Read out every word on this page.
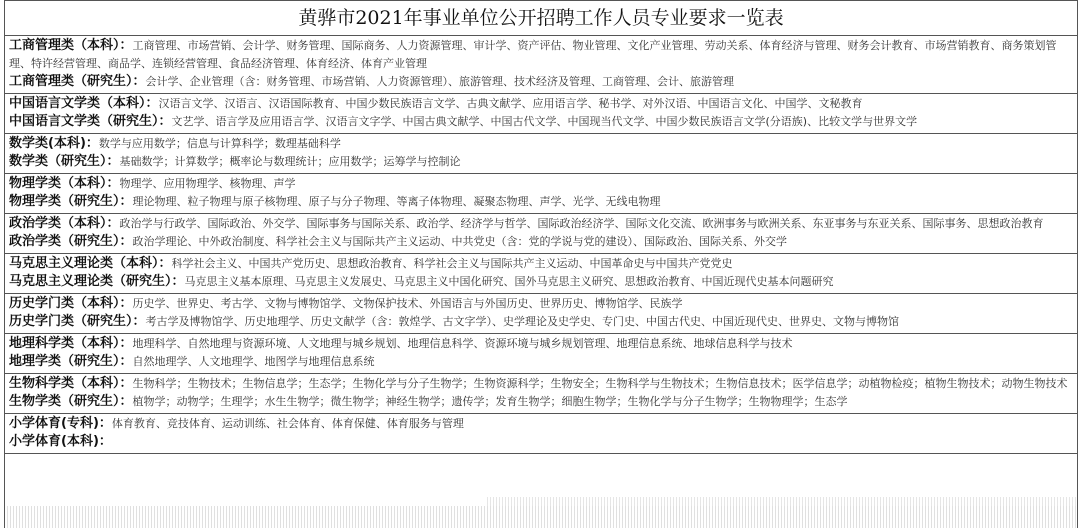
黄骅市2021年事业单位公开招聘工作人员专业要求一览表
工商管理类（本科）：工商管理、市场营销、会计学、财务管理、国际商务、人力资源管理、审计学、资产评估、物业管理、文化产业管理、劳动关系、体育经济与管理、财务会计教育、市场营销教育、商务策划管理、特许经营管理、商品学、连锁经营管理、食品经济管理、体育经济、体育产业管理
工商管理类（研究生）：会计学、企业管理（含：财务管理、市场营销、人力资源管理）、旅游管理、技术经济及管理、工商管理、会计、旅游管理
中国语言文学类（本科）：汉语言文学、汉语言、汉语国际教育、中国少数民族语言文学、古典文献学、应用语言学、秘书学、对外汉语、中国语言文化、中国学、文秘教育
中国语言文学类（研究生）：文艺学、语言学及应用语言学、汉语言文字学、中国古典文献学、中国古代文学、中国现当代文学、中国少数民族语言文学(分语族)、比较文学与世界文学
数学类(本科)：数学与应用数学；信息与计算科学；数理基础科学
数学类（研究生）：基础数学；计算数学；概率论与数理统计；应用数学；运筹学与控制论
物理学类（本科）：物理学、应用物理学、核物理、声学
物理学类（研究生）：理论物理、粒子物理与原子核物理、原子与分子物理、等离子体物理、凝聚态物理、声学、光学、无线电物理
政治学类（本科）：政治学与行政学、国际政治、外交学、国际事务与国际关系、政治学、经济学与哲学、国际政治经济学、国际文化交流、欧洲事务与欧洲关系、东亚事务与东亚关系、国际事务、思想政治教育
政治学类（研究生）：政治学理论、中外政治制度、科学社会主义与国际共产主义运动、中共党史（含：党的学说与党的建设）、国际政治、国际关系、外交学
马克思主义理论类（本科）：科学社会主义、中国共产党历史、思想政治教育、科学社会主义与国际共产主义运动、中国革命史与中国共产党党史
马克思主义理论类（研究生）：马克思主义基本原理、马克思主义发展史、马克思主义中国化研究、国外马克思主义研究、思想政治教育、中国近现代史基本问题研究
历史学门类（本科）：历史学、世界史、考古学、文物与博物馆学、文物保护技术、外国语言与外国历史、世界历史、博物馆学、民族学
历史学门类（研究生）：考古学及博物馆学、历史地理学、历史文献学（含：敦煌学、古文字学）、史学理论及史学史、专门史、中国古代史、中国近现代史、世界史、文物与博物馆
地理科学类（本科）：地理科学、自然地理与资源环境、人文地理与城乡规划、地理信息科学、资源环境与城乡规划管理、地理信息系统、地球信息科学与技术
地理学类（研究生）：自然地理学、人文地理学、地图学与地理信息系统
生物科学类（本科）：生物科学；生物技术；生物信息学；生态学；生物化学与分子生物学；生物资源科学；生物安全；生物科学与生物技术；生物信息技术；医学信息学；动植物检疫；植物生物技术；动物生物技术
生物学类（研究生）：植物学；动物学；生理学；水生生物学；微生物学；神经生物学；遗传学；发育生物学；细胞生物学；生物化学与分子生物学；生物物理学；生态学
小学体育(专科)：体育教育、竞技体育、运动训练、社会体育、体育保健、体育服务与管理
小学体育(本科)：
